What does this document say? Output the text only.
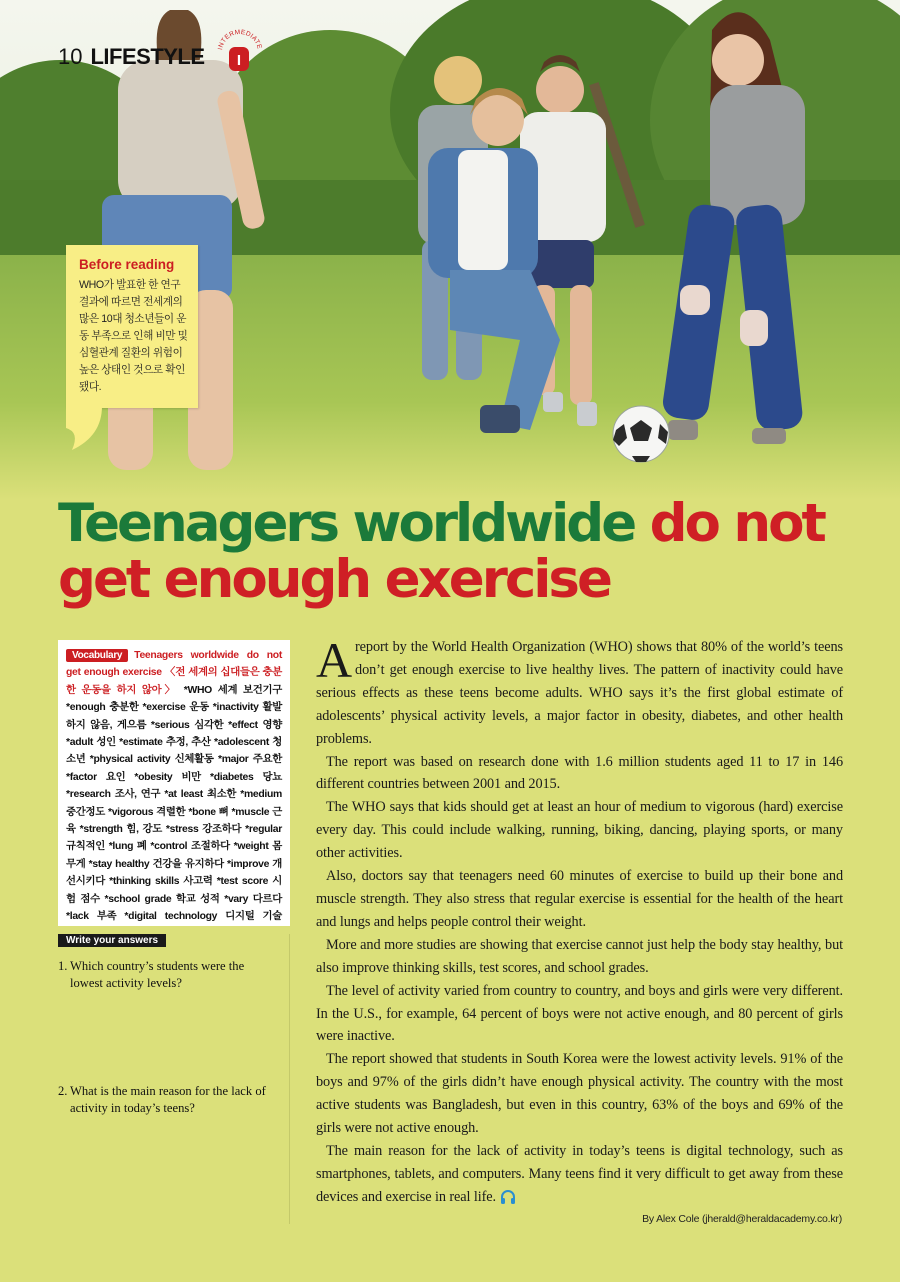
10 LIFESTYLE INTERMEDIATE
I
Before reading
WHO가 발표한 한 연구 결과에 따르면 전세계의 많은 10대 청소년들이 운동 부족으로 인해 비만 및 심혈관계 질환의 위험이 높은 상태인 것으로 확인됐다.
Teenagers worldwide do not
get enough exercise
Vocabulary Teenagers worldwide do not get enough exercise 〈전 세계의 십대들은 충분한 운동을 하지 않아〉 *WHO 세계 보건기구 *enough 충분한 *exercise 운동 *inactivity 활발하지 않음, 게으름 *serious 심각한 *effect 영향 *adult 성인 *estimate 추정, 추산 *adolescent 청소년 *physical activity 신체활동 *major 주요한 *factor 요인 *obesity 비만 *diabetes 당뇨 *research 조사, 연구 *at least 최소한 *medium 중간정도 *vigorous 격렬한 *bone 뼈 *muscle 근육 *strength 힘, 강도 *stress 강조하다 *regular 규칙적인 *lung 폐 *control 조절하다 *weight 몸무게 *stay healthy 건강을 유지하다 *improve 개선시키다 *thinking skills 사고력 *test score 시험 점수 *school grade 학교 성적 *vary 다르다 *lack 부족 *digital technology 디지털 기술
Write your answers
1. Which country’s students were the lowest activity levels?
2. What is the main reason for the lack of activity in today’s teens?

A report by the World Health Organization (WHO) shows that 80% of the world’s teens don’t get enough exercise to live healthy lives. The pattern of inactivity could have serious effects as these teens become adults. WHO says it’s the first global estimate of adolescents’ physical activity levels, a major factor in obesity, diabetes, and other health problems.

The report was based on research done with 1.6 million students aged 11 to 17 in 146 different countries between 2001 and 2015.

The WHO says that kids should get at least an hour of medium to vigorous (hard) exercise every day. This could include walking, running, biking, dancing, playing sports, or many other activities.

Also, doctors say that teenagers need 60 minutes of exercise to build up their bone and muscle strength. They also stress that regular exercise is essential for the health of the heart and lungs and helps people control their weight.

More and more studies are showing that exercise cannot just help the body stay healthy, but also improve thinking skills, test scores, and school grades.

The level of activity varied from country to country, and boys and girls were very different. In the U.S., for example, 64 percent of boys were not active enough, and 80 percent of girls were inactive.

The report showed that students in South Korea were the lowest activity levels. 91% of the boys and 97% of the girls didn’t have enough physical activity. The country with the most active students was Bangladesh, but even in this country, 63% of the boys and 69% of the girls were not active enough.

The main reason for the lack of activity in today’s teens is digital technology, such as smartphones, tablets, and computers. Many teens find it very difficult to get away from these devices and exercise in real life.

By Alex Cole (jherald@heraldacademy.co.kr)
